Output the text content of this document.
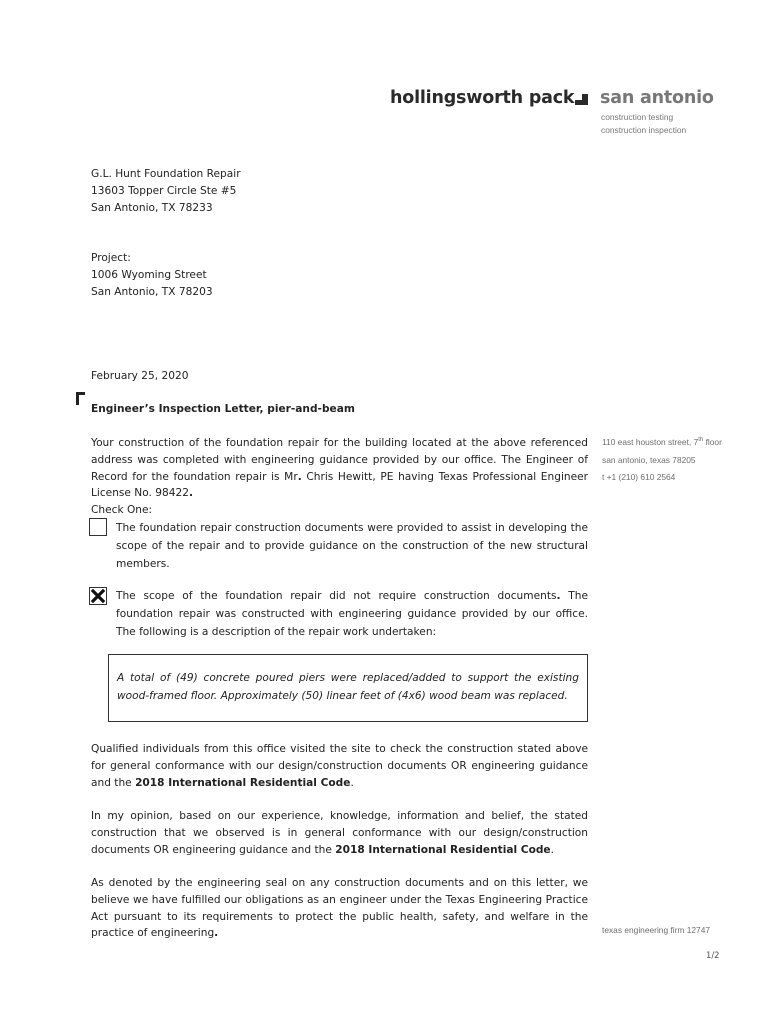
hollingsworth pack san antonio
construction testing
construction inspection
110 east houston street, 7th floor
san antonio, texas 78205
t +1 (210) 610 2564
G.L. Hunt Foundation Repair
13603 Topper Circle Ste #5
San Antonio, TX 78233
Project:
1006 Wyoming Street
San Antonio, TX 78203
February 25, 2020
Engineer’s Inspection Letter, pier-and-beam
Your construction of the foundation repair for the building located at the above referenced address was completed with engineering guidance provided by our office. The Engineer of Record for the foundation repair is Mr. Chris Hewitt, PE having Texas Professional Engineer License No. 98422.
Check One:
The foundation repair construction documents were provided to assist in developing the scope of the repair and to provide guidance on the construction of the new structural members.
The scope of the foundation repair did not require construction documents. The foundation repair was constructed with engineering guidance provided by our office. The following is a description of the repair work undertaken:
A total of (49) concrete poured piers were replaced/added to support the existing wood-framed floor. Approximately (50) linear feet of (4x6) wood beam was replaced.
Qualified individuals from this office visited the site to check the construction stated above for general conformance with our design/construction documents OR engineering guidance and the 2018 International Residential Code.
In my opinion, based on our experience, knowledge, information and belief, the stated construction that we observed is in general conformance with our design/construction documents OR engineering guidance and the 2018 International Residential Code.
As denoted by the engineering seal on any construction documents and on this letter, we believe we have fulfilled our obligations as an engineer under the Texas Engineering Practice Act pursuant to its requirements to protect the public health, safety, and welfare in the practice of engineering.	texas engineering firm 12747
1/2
